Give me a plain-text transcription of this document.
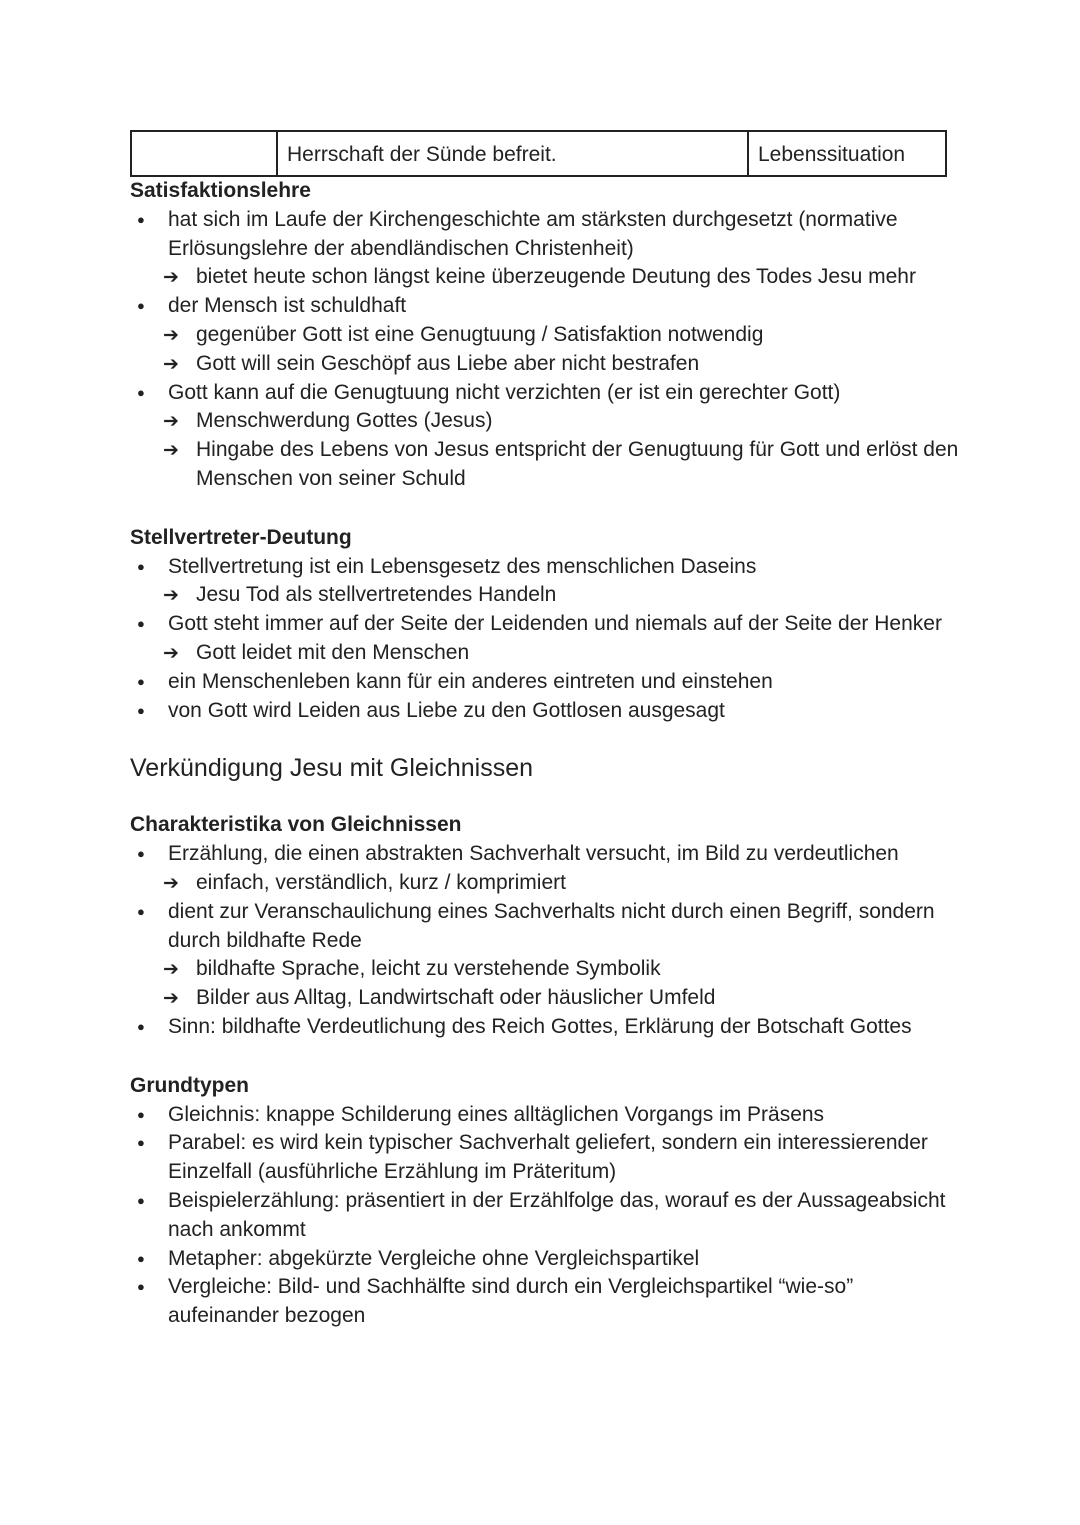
Herrschaft der Sünde befreit.	Lebenssituation

Satisfaktionslehre

● hat sich im Laufe der Kirchengeschichte am stärksten durchgesetzt (normative Erlösungslehre der abendländischen Christenheit)
➔ bietet heute schon längst keine überzeugende Deutung des Todes Jesu mehr
● der Mensch ist schuldhaft
➔ gegenüber Gott ist eine Genugtuung / Satisfaktion notwendig
➔ Gott will sein Geschöpf aus Liebe aber nicht bestrafen
● Gott kann auf die Genugtuung nicht verzichten (er ist ein gerechter Gott)
➔ Menschwerdung Gottes (Jesus)
➔ Hingabe des Lebens von Jesus entspricht der Genugtuung für Gott und erlöst den Menschen von seiner Schuld

Stellvertreter-Deutung

● Stellvertretung ist ein Lebensgesetz des menschlichen Daseins
➔ Jesu Tod als stellvertretendes Handeln
● Gott steht immer auf der Seite der Leidenden und niemals auf der Seite der Henker
➔ Gott leidet mit den Menschen
● ein Menschenleben kann für ein anderes eintreten und einstehen
● von Gott wird Leiden aus Liebe zu den Gottlosen ausgesagt
Verkündigung Jesu mit Gleichnissen

Charakteristika von Gleichnissen

● Erzählung, die einen abstrakten Sachverhalt versucht, im Bild zu verdeutlichen
➔ einfach, verständlich, kurz / komprimiert
● dient zur Veranschaulichung eines Sachverhalts nicht durch einen Begriff, sondern durch bildhafte Rede
➔ bildhafte Sprache, leicht zu verstehende Symbolik
➔ Bilder aus Alltag, Landwirtschaft oder häuslicher Umfeld
● Sinn: bildhafte Verdeutlichung des Reich Gottes, Erklärung der Botschaft Gottes

Grundtypen

● Gleichnis: knappe Schilderung eines alltäglichen Vorgangs im Präsens
● Parabel: es wird kein typischer Sachverhalt geliefert, sondern ein interessierender Einzelfall (ausführliche Erzählung im Präteritum)
● Beispielerzählung: präsentiert in der Erzählfolge das, worauf es der Aussageabsicht nach ankommt
● Metapher: abgekürzte Vergleiche ohne Vergleichspartikel
● Vergleiche: Bild- und Sachhälfte sind durch ein Vergleichspartikel “wie-so” aufeinander bezogen
